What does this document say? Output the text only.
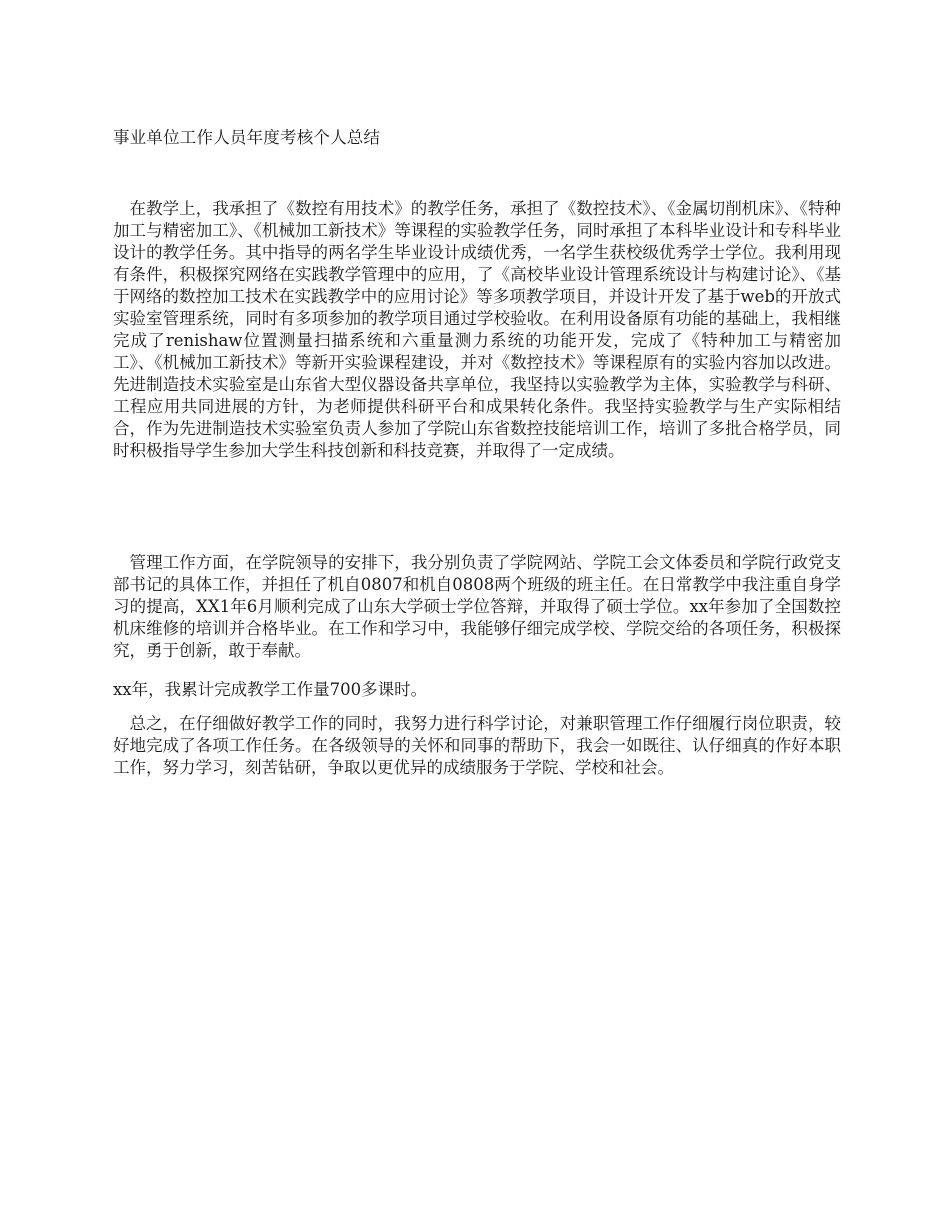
事业单位工作人员年度考核个人总结

　在教学上，我承担了《数控有用技术》的教学任务，承担了《数控技术》、《金属切削机床》、《特种加工与精密加工》、《机械加工新技术》等课程的实验教学任务，同时承担了本科毕业设计和专科毕业设计的教学任务。其中指导的两名学生毕业设计成绩优秀，一名学生获校级优秀学士学位。我利用现有条件，积极探究网络在实践教学管理中的应用，了《高校毕业设计管理系统设计与构建讨论》、《基于网络的数控加工技术在实践教学中的应用讨论》等多项教学项目，并设计开发了基于web的开放式实验室管理系统，同时有多项参加的教学项目通过学校验收。在利用设备原有功能的基础上，我相继完成了renishaw位置测量扫描系统和六重量测力系统的功能开发，完成了《特种加工与精密加工》、《机械加工新技术》等新开实验课程建设，并对《数控技术》等课程原有的实验内容加以改进。先进制造技术实验室是山东省大型仪器设备共享单位，我坚持以实验教学为主体，实验教学与科研、工程应用共同进展的方针，为老师提供科研平台和成果转化条件。我坚持实验教学与生产实际相结合，作为先进制造技术实验室负责人参加了学院山东省数控技能培训工作，培训了多批合格学员，同时积极指导学生参加大学生科技创新和科技竞赛，并取得了一定成绩。

　管理工作方面，在学院领导的安排下，我分别负责了学院网站、学院工会文体委员和学院行政党支部书记的具体工作，并担任了机自0807和机自0808两个班级的班主任。在日常教学中我注重自身学习的提高，XX1年6月顺利完成了山东大学硕士学位答辩，并取得了硕士学位。xx年参加了全国数控机床维修的培训并合格毕业。在工作和学习中，我能够仔细完成学校、学院交给的各项任务，积极探究，勇于创新，敢于奉献。

xx年，我累计完成教学工作量700多课时。

　总之，在仔细做好教学工作的同时，我努力进行科学讨论，对兼职管理工作仔细履行岗位职责，较好地完成了各项工作任务。在各级领导的关怀和同事的帮助下，我会一如既往、认仔细真的作好本职工作，努力学习，刻苦钻研，争取以更优异的成绩服务于学院、学校和社会。
